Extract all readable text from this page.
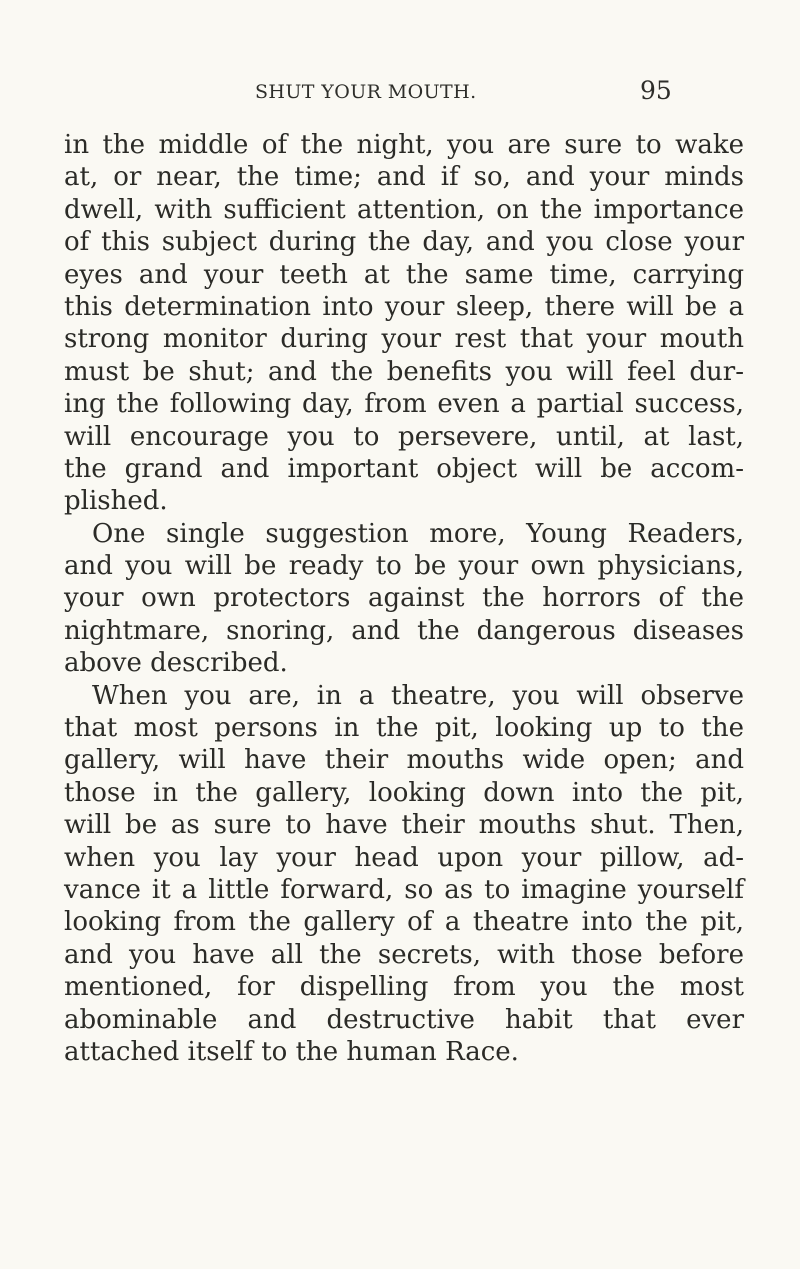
SHUT YOUR MOUTH.	95
in the middle of the night, you are sure to wake
at, or near, the time; and if so, and your minds
dwell, with sufficient attention, on the importance
of this subject during the day, and you close your
eyes and your teeth at the same time, carrying
this determination into your sleep, there will be a
strong monitor during your rest that your mouth
must be shut; and the benefits you will feel dur-
ing the following day, from even a partial success,
will encourage you to persevere, until, at last,
the grand and important object will be accom-
plished.
One single suggestion more, Young Readers,
and you will be ready to be your own physicians,
your own protectors against the horrors of the
nightmare, snoring, and the dangerous diseases
above described.
When you are, in a theatre, you will observe
that most persons in the pit, looking up to the
gallery, will have their mouths wide open; and
those in the gallery, looking down into the pit,
will be as sure to have their mouths shut. Then,
when you lay your head upon your pillow, ad-
vance it a little forward, so as to imagine yourself
looking from the gallery of a theatre into the pit,
and you have all the secrets, with those before
mentioned, for dispelling from you the most
abominable and destructive habit that ever
attached itself to the human Race.
